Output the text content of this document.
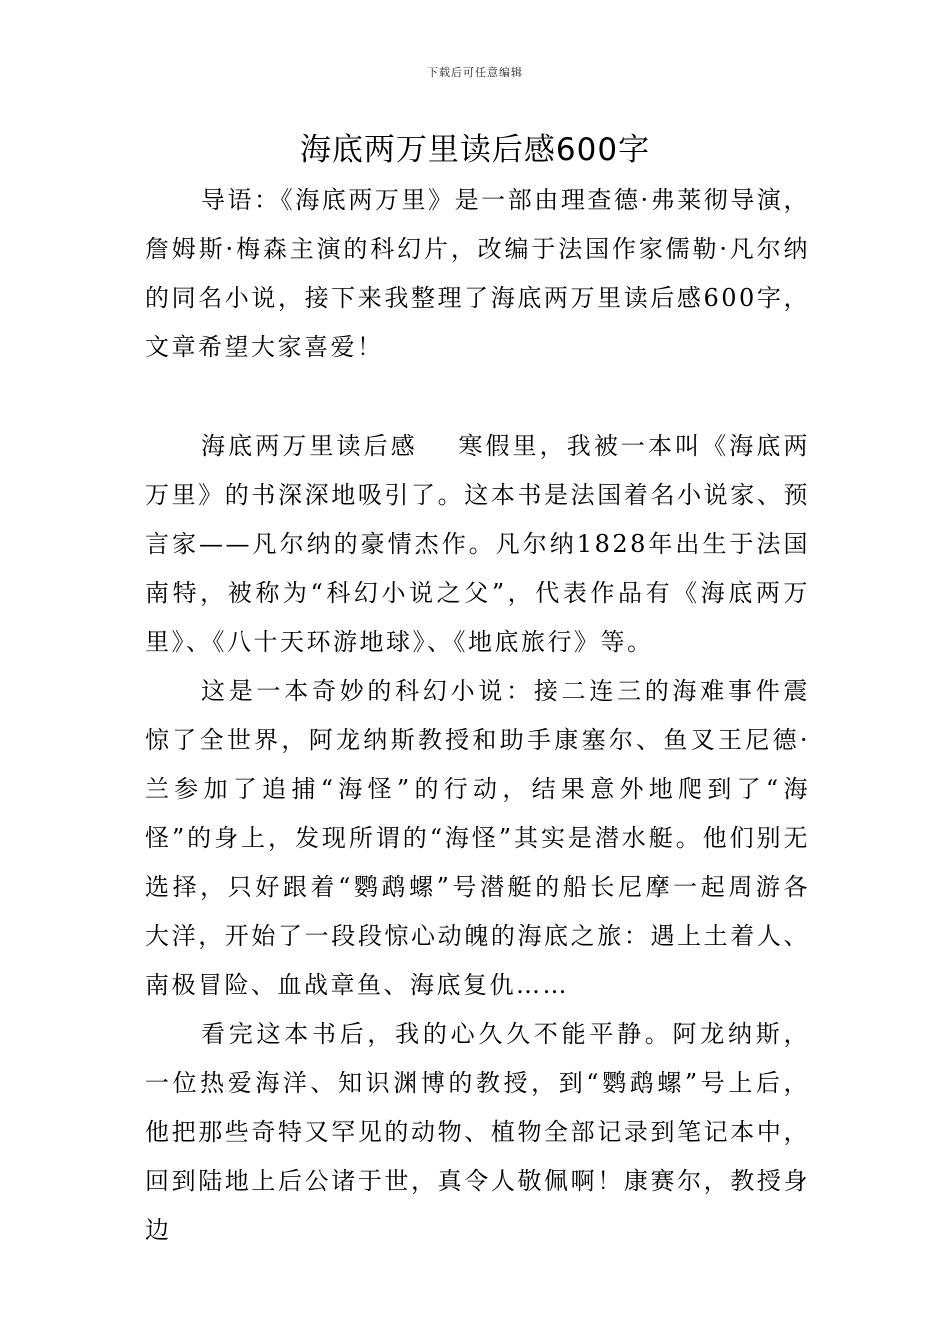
下载后可任意编辑
海底两万里读后感600字

导语：《海底两万里》是一部由理查德·弗莱彻导演，詹姆斯·梅森主演的科幻片，改编于法国作家儒勒·凡尔纳的同名小说，接下来我整理了海底两万里读后感600字，文章希望大家喜爱！

海底两万里读后感 寒假里，我被一本叫《海底两万里》的书深深地吸引了。这本书是法国着名小说家、预言家——凡尔纳的豪情杰作。凡尔纳1828年出生于法国南特，被称为“科幻小说之父”，代表作品有《海底两万里》、《八十天环游地球》、《地底旅行》等。

这是一本奇妙的科幻小说：接二连三的海难事件震惊了全世界，阿龙纳斯教授和助手康塞尔、鱼叉王尼德·兰参加了追捕“海怪”的行动，结果意外地爬到了“海怪”的身上，发现所谓的“海怪”其实是潜水艇。他们别无选择，只好跟着“鹦鹉螺”号潜艇的船长尼摩一起周游各大洋，开始了一段段惊心动魄的海底之旅：遇上土着人、南极冒险、血战章鱼、海底复仇……

看完这本书后，我的心久久不能平静。阿龙纳斯，一位热爱海洋、知识渊博的教授，到“鹦鹉螺”号上后，他把那些奇特又罕见的动物、植物全部记录到笔记本中，回到陆地上后公诸于世，真令人敬佩啊！康赛尔，教授身边
